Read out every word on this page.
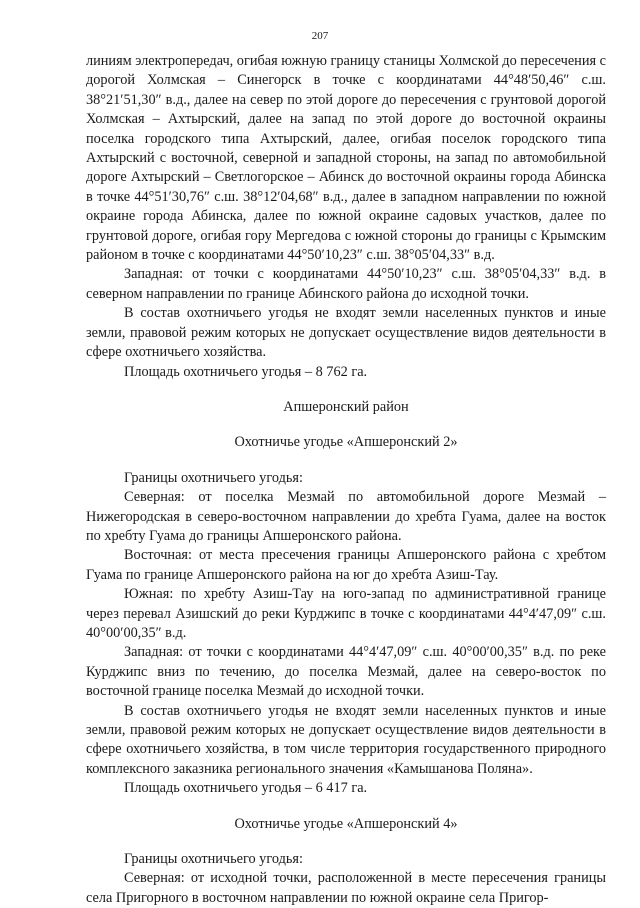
207

линиям электропередач, огибая южную границу станицы Холмской до пересечения с дорогой Холмская – Синегорск в точке с координатами 44°48′50,46″ с.ш. 38°21′51,30″ в.д., далее на север по этой дороге до пересечения с грунтовой дорогой Холмская – Ахтырский, далее на запад по этой дороге до восточной окраины поселка городского типа Ахтырский, далее, огибая поселок городского типа Ахтырский с восточной, северной и западной стороны, на запад по автомобильной дороге Ахтырский – Светлогорское – Абинск до восточной окраины города Абинска в точке 44°51′30,76″ с.ш. 38°12′04,68″ в.д., далее в западном направлении по южной окраине города Абинска, далее по южной окраине садовых участков, далее по грунтовой дороге, огибая гору Мергедова с южной стороны до границы с Крымским районом в точке с координатами 44°50′10,23″ с.ш. 38°05′04,33″ в.д.

Западная: от точки с координатами 44°50′10,23″ с.ш. 38°05′04,33″ в.д. в северном направлении по границе Абинского района до исходной точки.

В состав охотничьего угодья не входят земли населенных пунктов и иные земли, правовой режим которых не допускает осуществление видов деятельности в сфере охотничьего хозяйства.

Площадь охотничьего угодья – 8 762 га.

Апшеронский район

Охотничье угодье «Апшеронский 2»

Границы охотничьего угодья:

Северная: от поселка Мезмай по автомобильной дороге Мезмай – Нижегородская в северо-восточном направлении до хребта Гуама, далее на восток по хребту Гуама до границы Апшеронского района.

Восточная: от места пресечения границы Апшеронского района с хребтом Гуама по границе Апшеронского района на юг до хребта Азиш-Тау.

Южная: по хребту Азиш-Тау на юго-запад по административной границе через перевал Азишский до реки Курджипс в точке с координатами 44°4′47,09″ с.ш. 40°00′00,35″ в.д.

Западная: от точки с координатами 44°4′47,09″ с.ш. 40°00′00,35″ в.д. по реке Курджипс вниз по течению, до поселка Мезмай, далее на северо-восток по восточной границе поселка Мезмай до исходной точки.

В состав охотничьего угодья не входят земли населенных пунктов и иные земли, правовой режим которых не допускает осуществление видов деятельности в сфере охотничьего хозяйства, в том числе территория государственного природного комплексного заказника регионального значения «Камышанова Поляна».

Площадь охотничьего угодья – 6 417 га.

Охотничье угодье «Апшеронский 4»

Границы охотничьего угодья:

Северная: от исходной точки, расположенной в месте пересечения границы села Пригорного в восточном направлении по южной окраине села Пригор-
